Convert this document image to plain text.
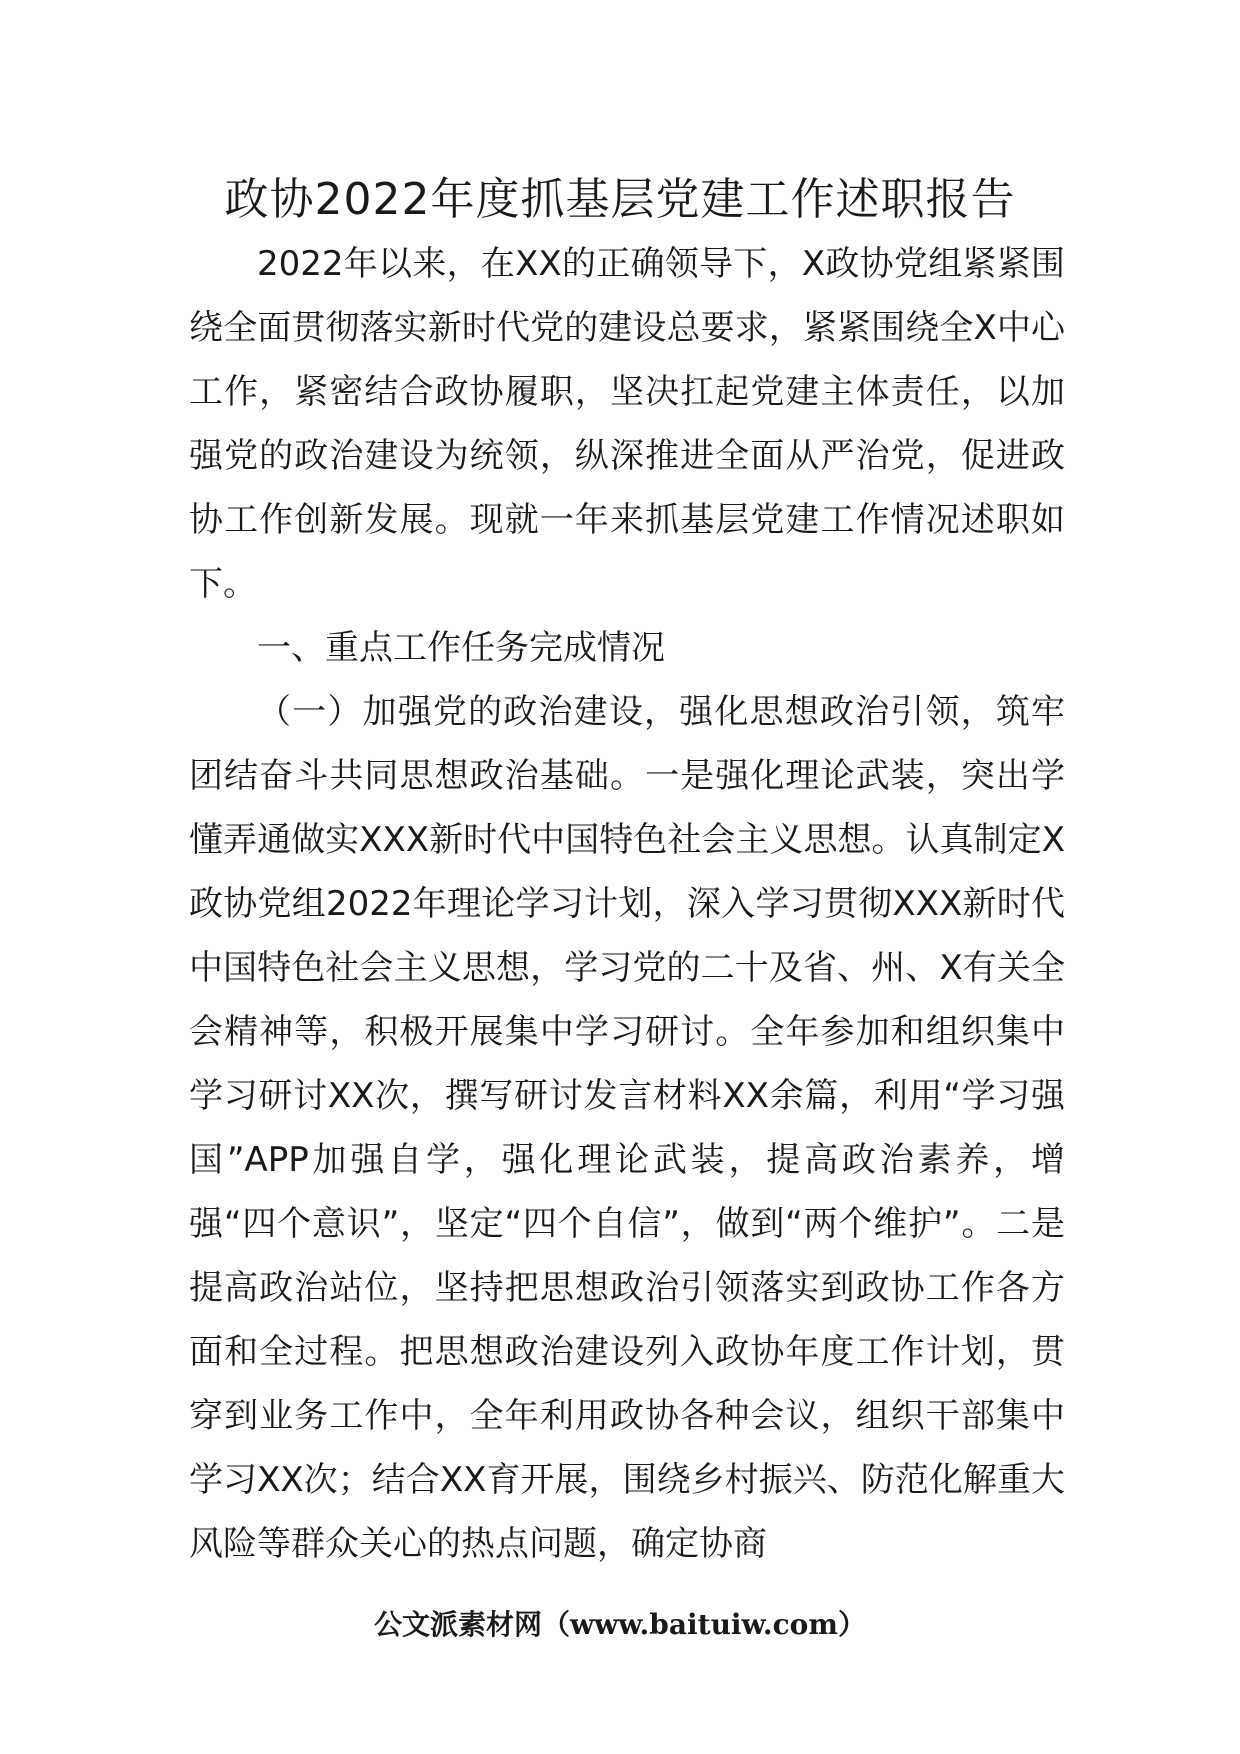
政协2022年度抓基层党建工作述职报告

2022年以来，在XX的正确领导下，X政协党组紧紧围绕全面贯彻落实新时代党的建设总要求，紧紧围绕全X中心工作，紧密结合政协履职，坚决扛起党建主体责任，以加强党的政治建设为统领，纵深推进全面从严治党，促进政协工作创新发展。现就一年来抓基层党建工作情况述职如下。

一、重点工作任务完成情况

（一）加强党的政治建设，强化思想政治引领，筑牢团结奋斗共同思想政治基础。一是强化理论武装，突出学懂弄通做实XXX新时代中国特色社会主义思想。认真制定X政协党组2022年理论学习计划，深入学习贯彻XXX新时代中国特色社会主义思想，学习党的二十及省、州、X有关全会精神等，积极开展集中学习研讨。全年参加和组织集中学习研讨XX次，撰写研讨发言材料XX余篇，利用“学习强国”APP加强自学，强化理论武装，提高政治素养，增强“四个意识”，坚定“四个自信”，做到“两个维护”。二是提高政治站位，坚持把思想政治引领落实到政协工作各方面和全过程。把思想政治建设列入政协年度工作计划，贯穿到业务工作中，全年利用政协各种会议，组织干部集中学习XX次；结合XX育开展，围绕乡村振兴、防范化解重大风险等群众关心的热点问题，确定协商

公文派素材网（www.baituiw.com）
